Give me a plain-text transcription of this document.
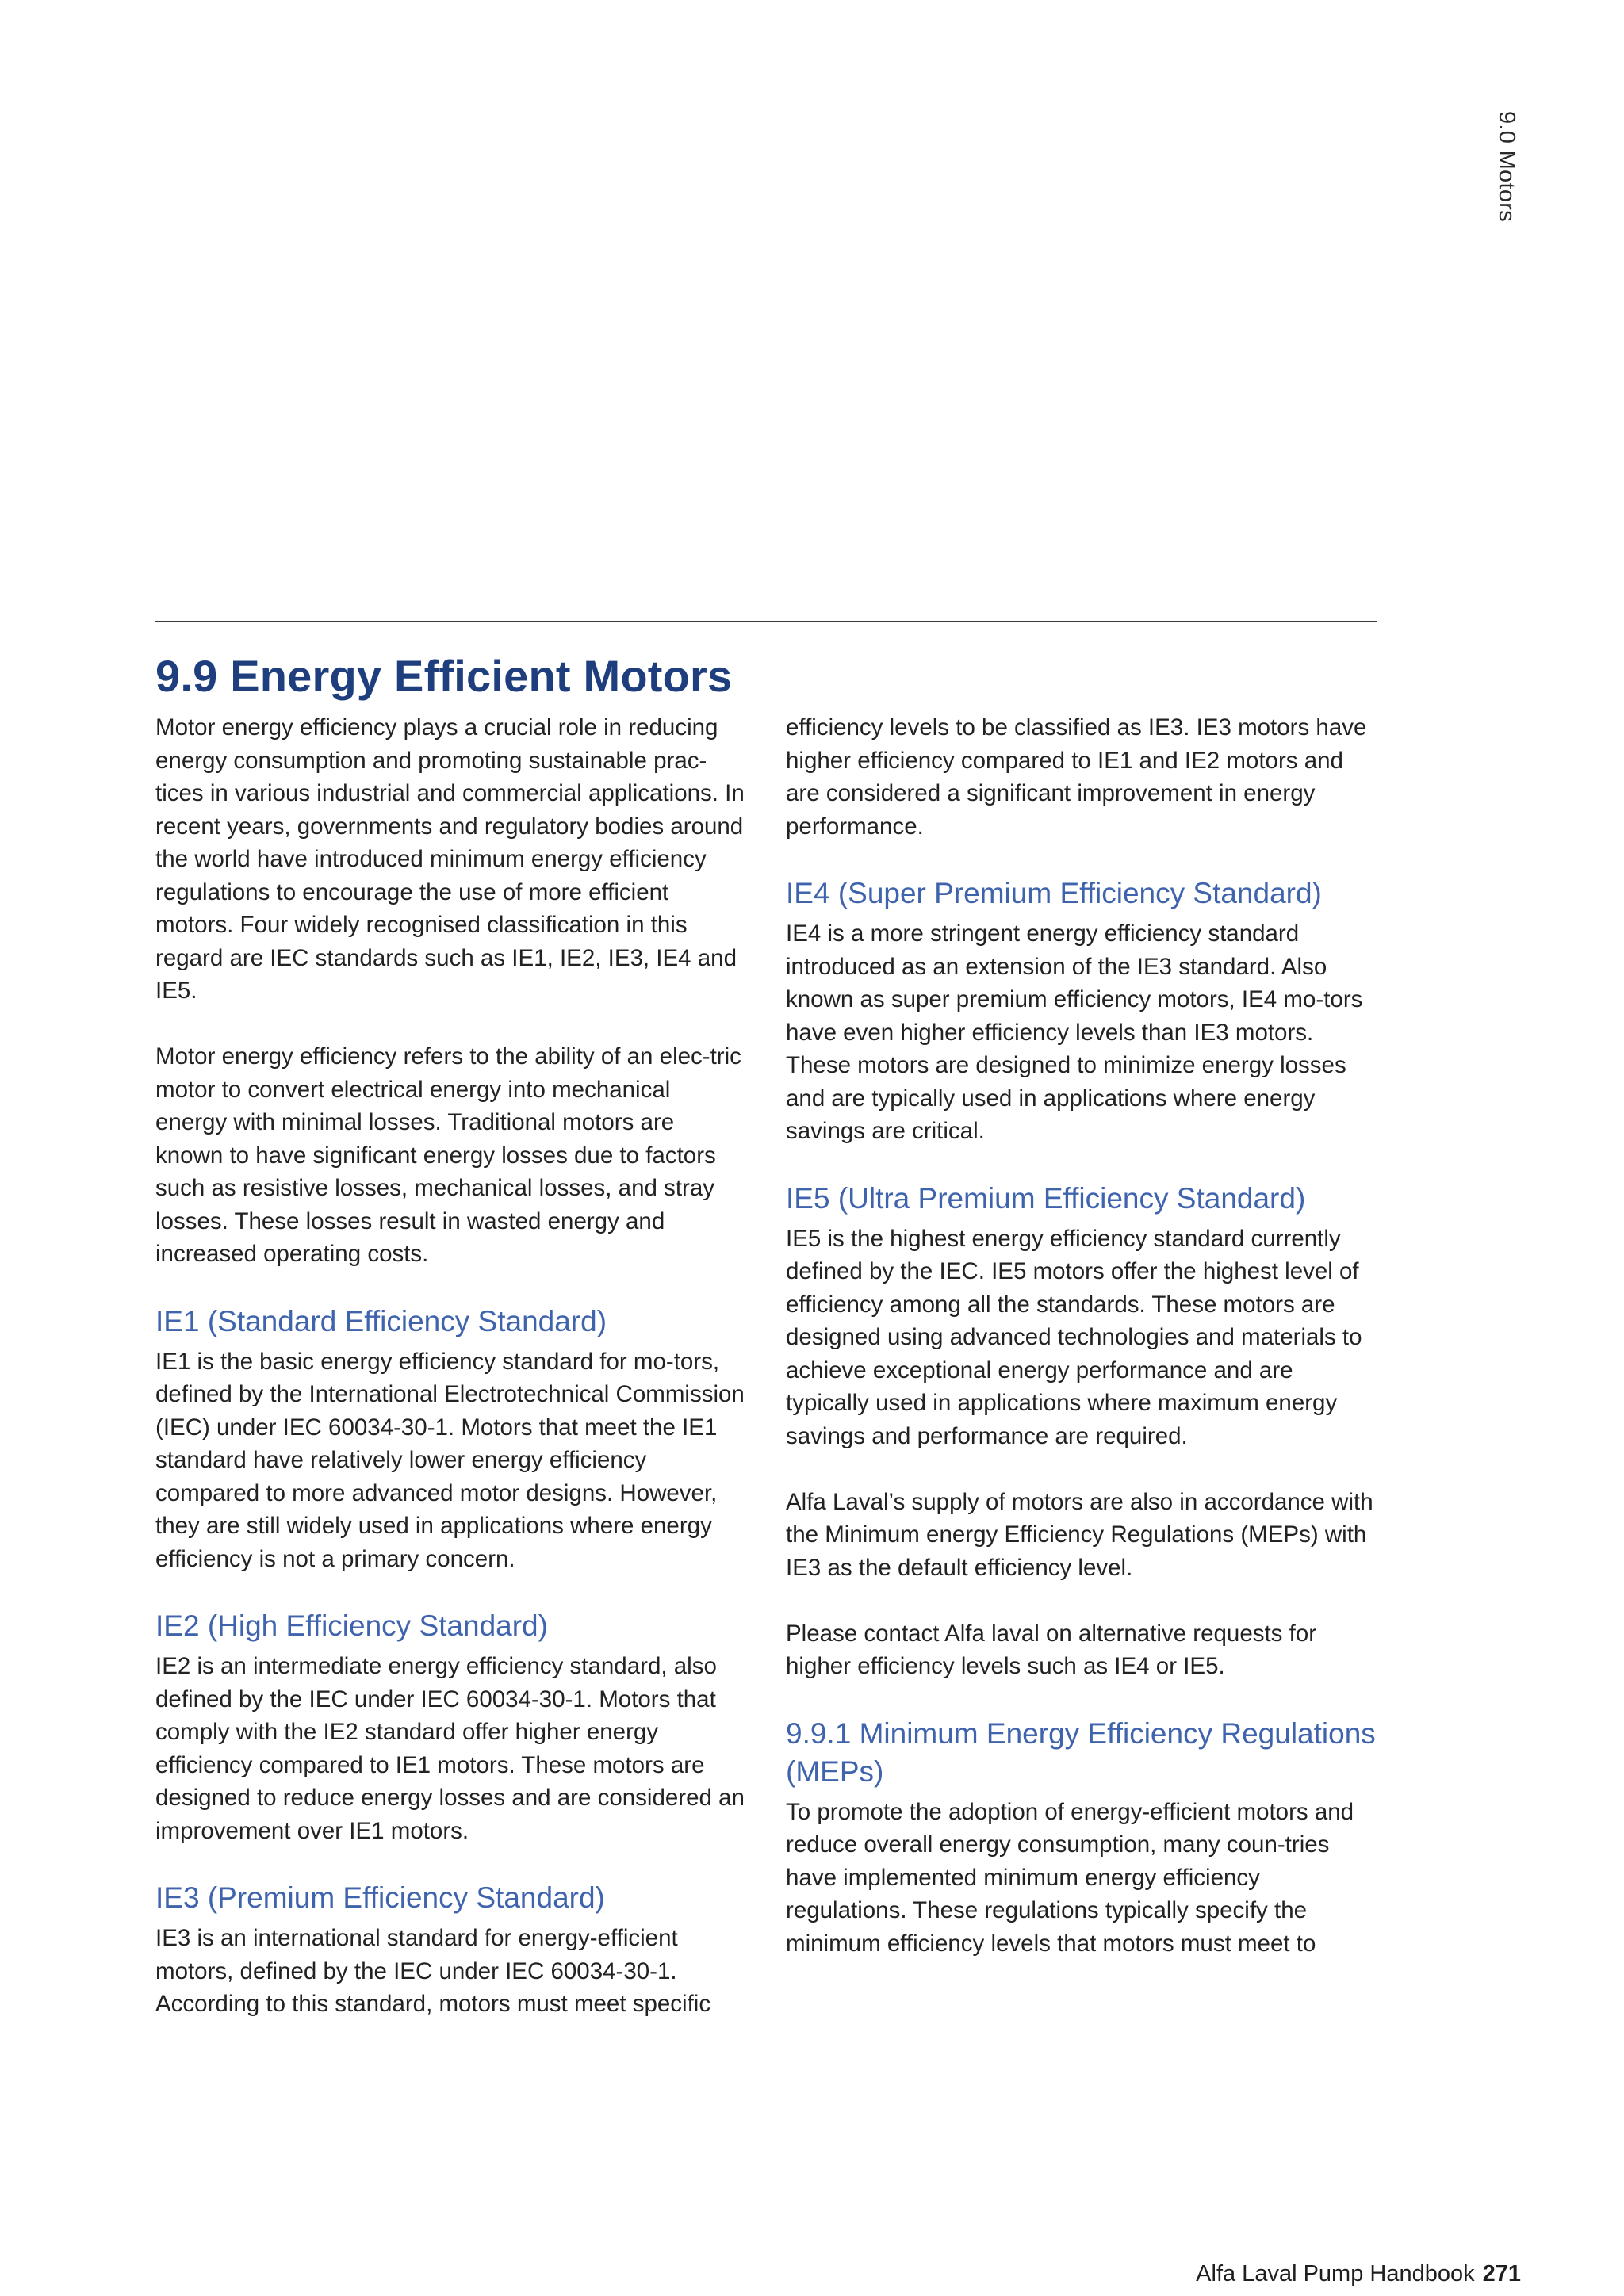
9.0 Motors
9.9 Energy Efficient Motors

Motor energy efficiency plays a crucial role in reducing energy consumption and promoting sustainable prac-tices in various industrial and commercial applications. In recent years, governments and regulatory bodies around the world have introduced minimum energy efficiency regulations to encourage the use of more efficient motors. Four widely recognised classification in this regard are IEC standards such as IE1, IE2, IE3, IE4 and IE5.

Motor energy efficiency refers to the ability of an elec-tric motor to convert electrical energy into mechanical energy with minimal losses. Traditional motors are known to have significant energy losses due to factors such as resistive losses, mechanical losses, and stray losses. These losses result in wasted energy and increased operating costs.

IE1 (Standard Efficiency Standard)

IE1 is the basic energy efficiency standard for mo-tors, defined by the International Electrotechnical Commission (IEC) under IEC 60034-30-1. Motors that meet the IE1 standard have relatively lower energy efficiency compared to more advanced motor designs. However, they are still widely used in applications where energy efficiency is not a primary concern.

IE2 (High Efficiency Standard)

IE2 is an intermediate energy efficiency standard, also defined by the IEC under IEC 60034-30-1. Motors that comply with the IE2 standard offer higher energy efficiency compared to IE1 motors. These motors are designed to reduce energy losses and are considered an improvement over IE1 motors.

IE3 (Premium Efficiency Standard)

IE3 is an international standard for energy-efficient motors, defined by the IEC under IEC 60034-30-1. According to this standard, motors must meet specific

efficiency levels to be classified as IE3. IE3 motors have higher efficiency compared to IE1 and IE2 motors and are considered a significant improvement in energy performance.

IE4 (Super Premium Efficiency Standard)

IE4 is a more stringent energy efficiency standard introduced as an extension of the IE3 standard. Also known as super premium efficiency motors, IE4 mo-tors have even higher efficiency levels than IE3 motors. These motors are designed to minimize energy losses and are typically used in applications where energy savings are critical.

IE5 (Ultra Premium Efficiency Standard)

IE5 is the highest energy efficiency standard currently defined by the IEC. IE5 motors offer the highest level of efficiency among all the standards. These motors are designed using advanced technologies and materials to achieve exceptional energy performance and are typically used in applications where maximum energy savings and performance are required.

Alfa Laval’s supply of motors are also in accordance with the Minimum energy Efficiency Regulations (MEPs) with IE3 as the default efficiency level.

Please contact Alfa laval on alternative requests for higher efficiency levels such as IE4 or IE5.

9.9.1 Minimum Energy Efficiency Regulations (MEPs)

To promote the adoption of energy-efficient motors and reduce overall energy consumption, many coun-tries have implemented minimum energy efficiency regulations. These regulations typically specify the minimum efficiency levels that motors must meet to

Alfa Laval Pump Handbook 271
